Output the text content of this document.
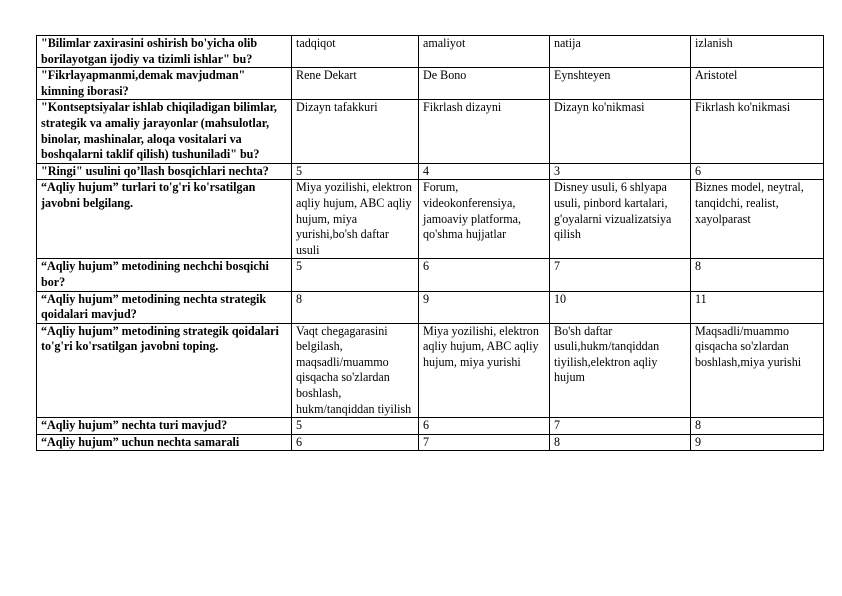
"Bilimlar zaxirasini oshirish bo'yicha olib borilayotgan ijodiy va tizimli ishlar" bu?	tadqiqot	amaliyot	natija	izlanish
"Fikrlayapmanmi,demak mavjudman" kimning iborasi?	Rene Dekart	De Bono	Eynshteyen	Aristotel
"Kontseptsiyalar ishlab chiqiladigan bilimlar, strategik va amaliy jarayonlar (mahsulotlar, binolar, mashinalar, aloqa vositalari va boshqalarni taklif qilish) tushuniladi" bu?	Dizayn tafakkuri	Fikrlash dizayni	Dizayn ko'nikmasi	Fikrlash ko'nikmasi
"Ringi" usulini qo’llash bosqichlari nechta?	5	4	3	6
“Aqliy hujum” turlari to'g'ri ko'rsatilgan javobni belgilang.	Miya yozilishi, elektron aqliy hujum, ABC aqliy hujum, miya yurishi,bo'sh daftar usuli	Forum, videokonferensiya, jamoaviy platforma, qo'shma hujjatlar	Disney usuli, 6 shlyapa usuli, pinbord kartalari, g'oyalarni vizualizatsiya qilish	Biznes model, neytral, tanqidchi, realist, xayolparast
“Aqliy hujum” metodining nechchi bosqichi bor?	5	6	7	8
“Aqliy hujum” metodining nechta strategik qoidalari mavjud?	8	9	10	11
“Aqliy hujum” metodining strategik qoidalari to'g'ri ko'rsatilgan javobni toping.	Vaqt chegagarasini belgilash, maqsadli/muammo qisqacha so'zlardan boshlash, hukm/tanqiddan tiyilish	Miya yozilishi, elektron aqliy hujum, ABC aqliy hujum, miya yurishi	Bo'sh daftar usuli,hukm/tanqiddan tiyilish,elektron aqliy hujum	Maqsadli/muammo qisqacha so'zlardan boshlash,miya yurishi
“Aqliy hujum” nechta turi mavjud?	5	6	7	8
“Aqliy hujum” uchun nechta samarali	6	7	8	9
